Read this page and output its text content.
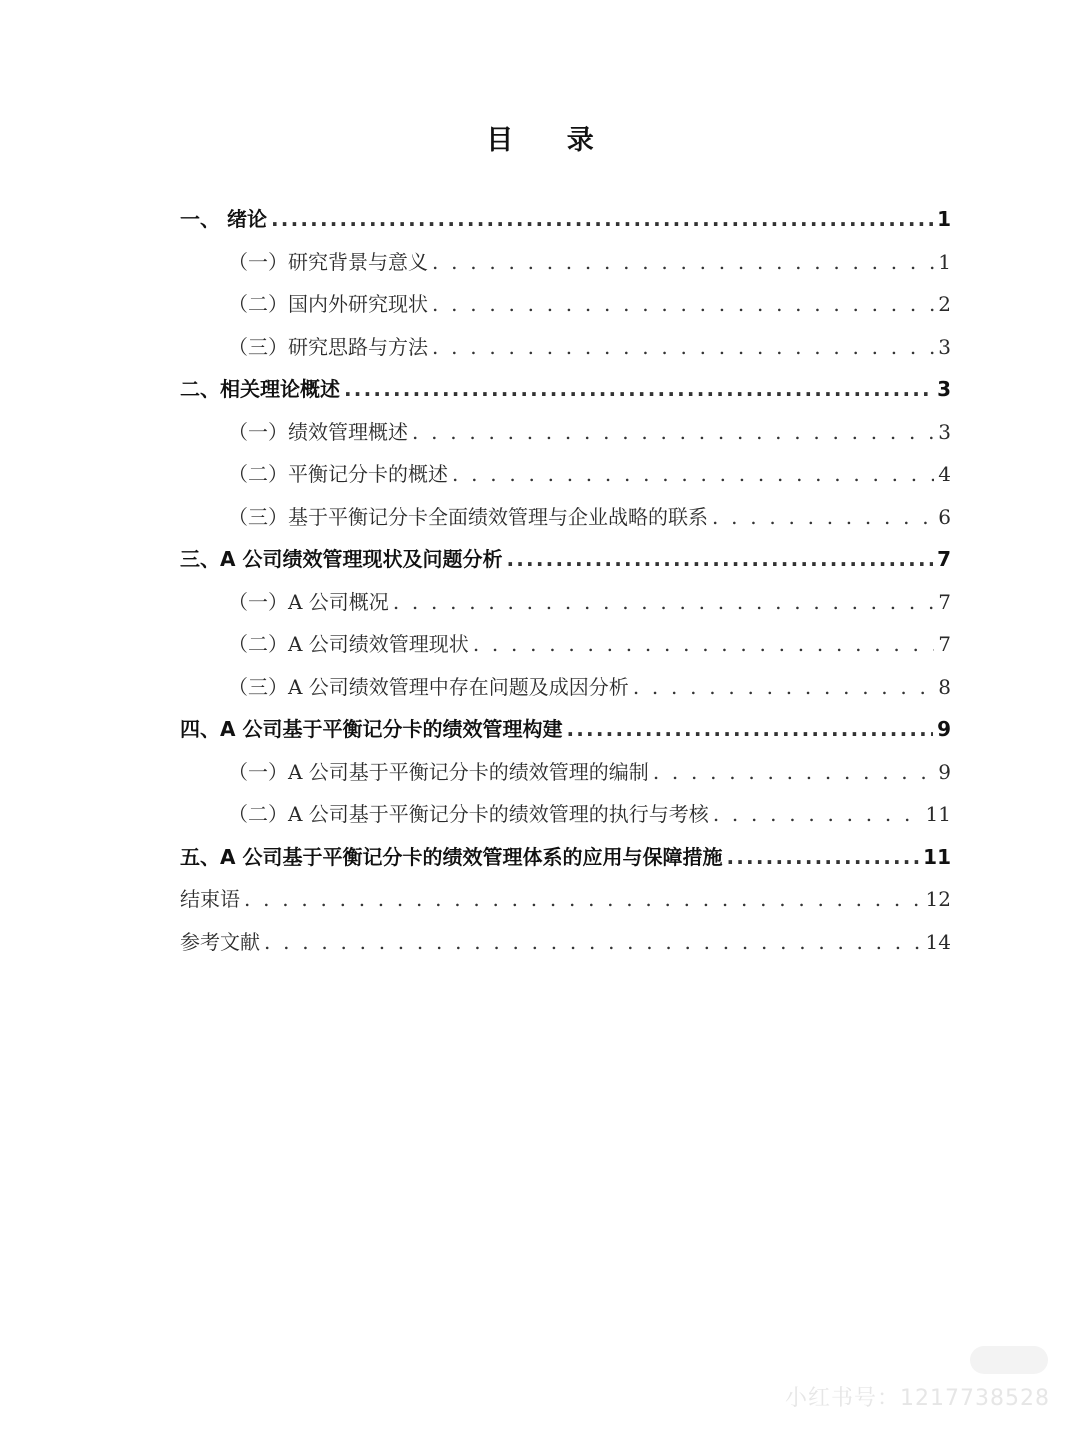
目 录
一、 绪论 .....	1
（一）研究背景与意义 . . .	1
（二）国内外研究现状 . . .	2
（三）研究思路与方法 . . .	3
二、相关理论概述 .....	3
（一）绩效管理概述 . . .	3
（二）平衡记分卡的概述 . . .	4
（三）基于平衡记分卡全面绩效管理与企业战略的联系 . . .	6
三、A 公司绩效管理现状及问题分析 .....	7
（一）A 公司概况 . . .	7
（二）A 公司绩效管理现状 . . .	7
（三）A 公司绩效管理中存在问题及成因分析 . . .	8
四、A 公司基于平衡记分卡的绩效管理构建 .....	9
（一）A 公司基于平衡记分卡的绩效管理的编制 . . .	9
（二）A 公司基于平衡记分卡的绩效管理的执行与考核 . . .	11
五、A 公司基于平衡记分卡的绩效管理体系的应用与保障措施 .....	11
结束语 . . .	12
参考文献 . . .	14
小红书号：1217738528
